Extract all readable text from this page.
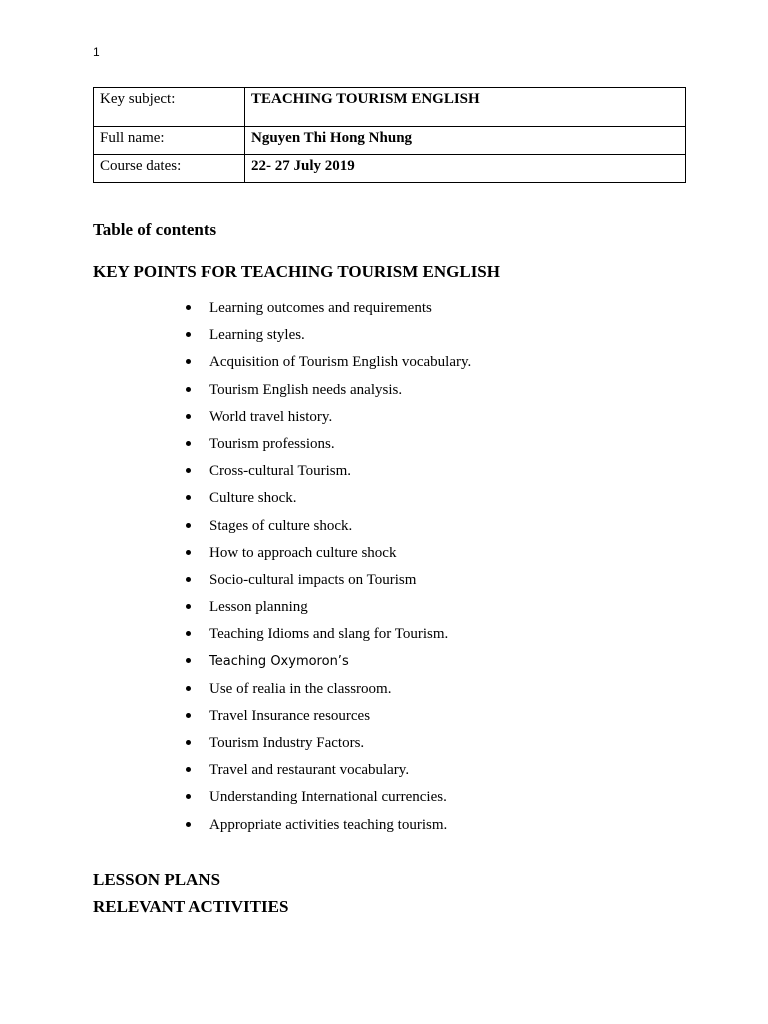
1
Key subject:	TEACHING TOURISM ENGLISH
Full name:	Nguyen Thi Hong Nhung
Course dates:	22- 27 July 2019
Table of contents
KEY POINTS FOR TEACHING TOURISM ENGLISH
Learning outcomes and requirements
Learning styles.
Acquisition of Tourism English vocabulary.
Tourism English needs analysis.
World travel history.
Tourism professions.
Cross-cultural Tourism.
Culture shock.
Stages of culture shock.
How to approach culture shock
Socio-cultural impacts on Tourism
Lesson planning
Teaching Idioms and slang for Tourism.
Teaching Oxymoron’s
Use of realia in the classroom.
Travel Insurance resources
Tourism Industry Factors.
Travel and restaurant vocabulary.
Understanding International currencies.
Appropriate activities teaching tourism.
LESSON PLANS
RELEVANT ACTIVITIES
